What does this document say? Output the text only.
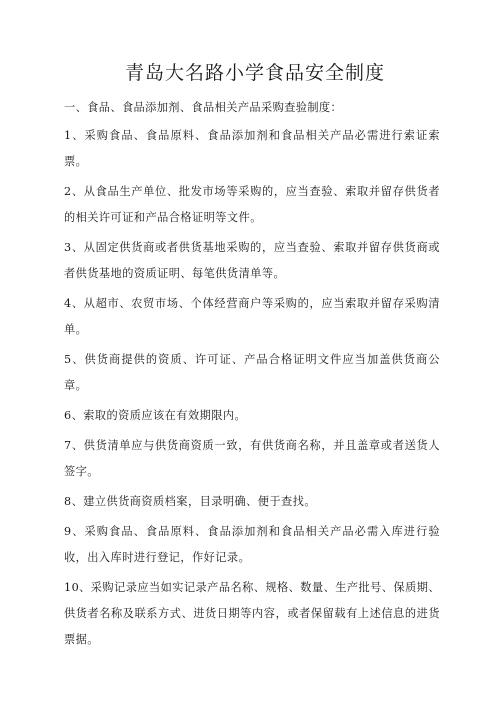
青岛大名路小学食品安全制度
一、食品、食品添加剂、食品相关产品采购查验制度：
1、采购食品、食品原料、食品添加剂和食品相关产品必需进行索证索票。
2、从食品生产单位、批发市场等采购的，应当查验、索取并留存供货者的相关许可证和产品合格证明等文件。
3、从固定供货商或者供货基地采购的，应当查验、索取并留存供货商或者供货基地的资质证明、每笔供货清单等。
4、从超市、农贸市场、个体经营商户等采购的，应当索取并留存采购清单。
5、供货商提供的资质、许可证、产品合格证明文件应当加盖供货商公章。
6、索取的资质应该在有效期限内。
7、供货清单应与供货商资质一致，有供货商名称，并且盖章或者送货人签字。
8、建立供货商资质档案，目录明确、便于查找。
9、采购食品、食品原料、食品添加剂和食品相关产品必需入库进行验收，出入库时进行登记，作好记录。
10、采购记录应当如实记录产品名称、规格、数量、生产批号、保质期、供货者名称及联系方式、进货日期等内容，或者保留载有上述信息的进货票据。
